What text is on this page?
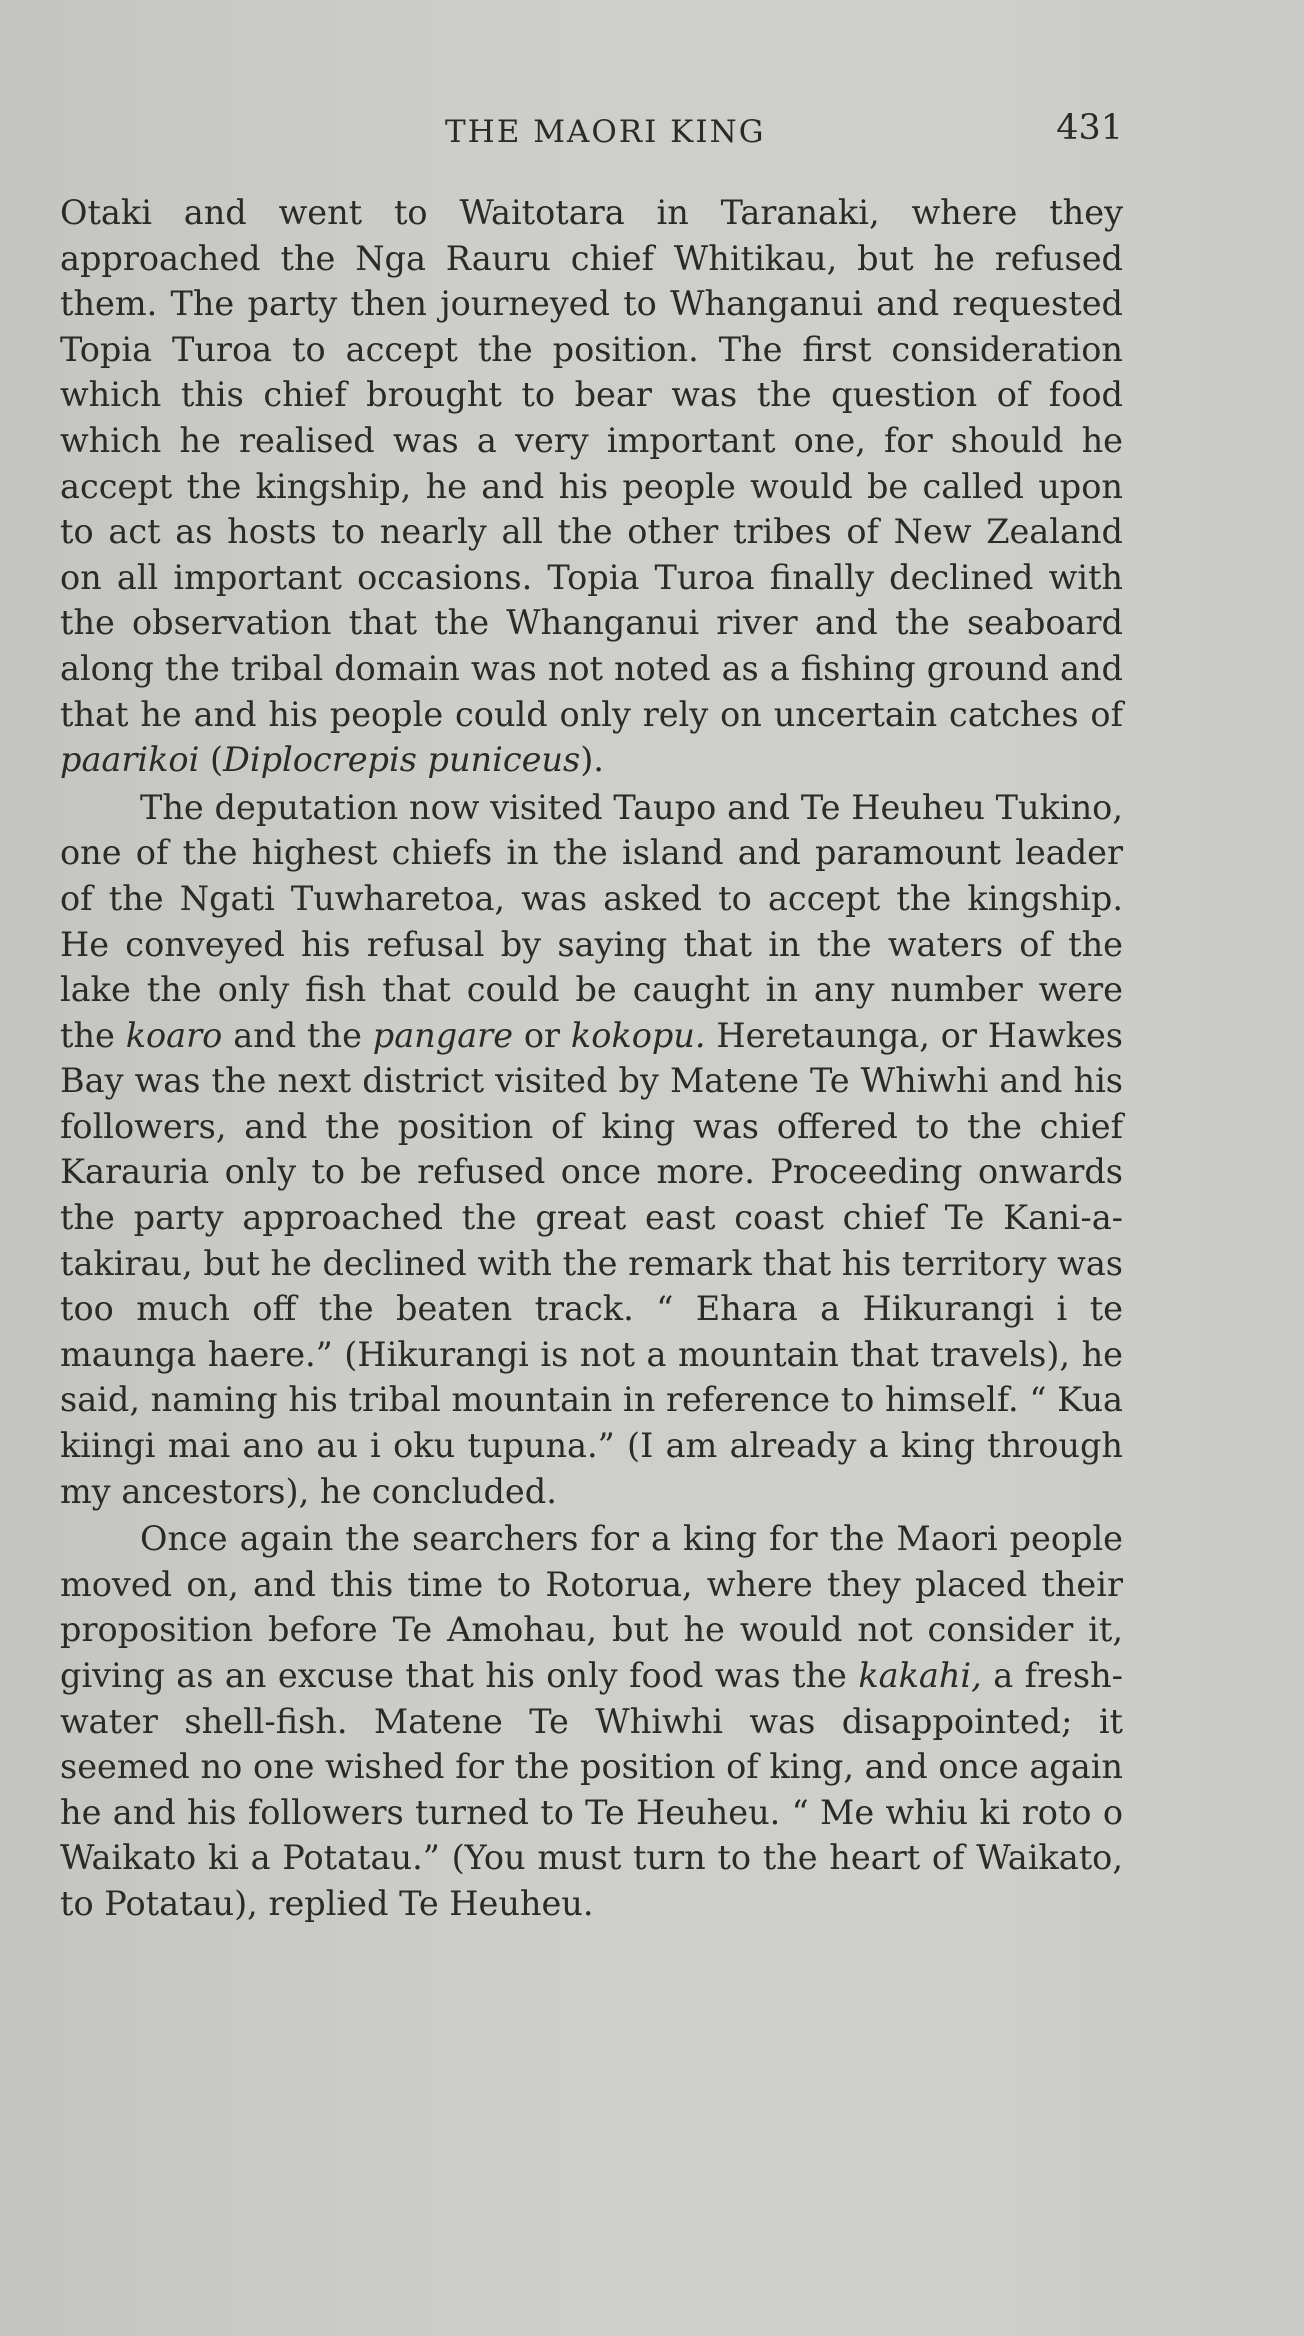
THE MAORI KING	431

Otaki and went to Waitotara in Taranaki, where they approached the Nga Rauru chief Whitikau, but he refused them. The party then journeyed to Whanganui and requested Topia Turoa to accept the position. The first consideration which this chief brought to bear was the question of food which he realised was a very important one, for should he accept the kingship, he and his people would be called upon to act as hosts to nearly all the other tribes of New Zealand on all important occasions. Topia Turoa finally declined with the observation that the Whanganui river and the seaboard along the tribal domain was not noted as a fishing ground and that he and his people could only rely on uncertain catches of paarikoi (Diplocrepis puniceus).

The deputation now visited Taupo and Te Heuheu Tukino, one of the highest chiefs in the island and paramount leader of the Ngati Tuwharetoa, was asked to accept the kingship. He conveyed his refusal by saying that in the waters of the lake the only fish that could be caught in any number were the koaro and the pangare or kokopu. Heretaunga, or Hawkes Bay was the next district visited by Matene Te Whiwhi and his followers, and the position of king was offered to the chief Karauria only to be refused once more. Proceeding onwards the party approached the great east coast chief Te Kani-a-takirau, but he declined with the remark that his territory was too much off the beaten track. “ Ehara a Hikurangi i te maunga haere.” (Hikurangi is not a mountain that travels), he said, naming his tribal mountain in reference to himself. “ Kua kiingi mai ano au i oku tupuna.” (I am already a king through my ancestors), he concluded.

Once again the searchers for a king for the Maori people moved on, and this time to Rotorua, where they placed their proposition before Te Amohau, but he would not consider it, giving as an excuse that his only food was the kakahi, a fresh-water shell-fish. Matene Te Whiwhi was disappointed; it seemed no one wished for the position of king, and once again he and his followers turned to Te Heuheu. “ Me whiu ki roto o Waikato ki a Potatau.” (You must turn to the heart of Waikato, to Potatau), replied Te Heuheu.
